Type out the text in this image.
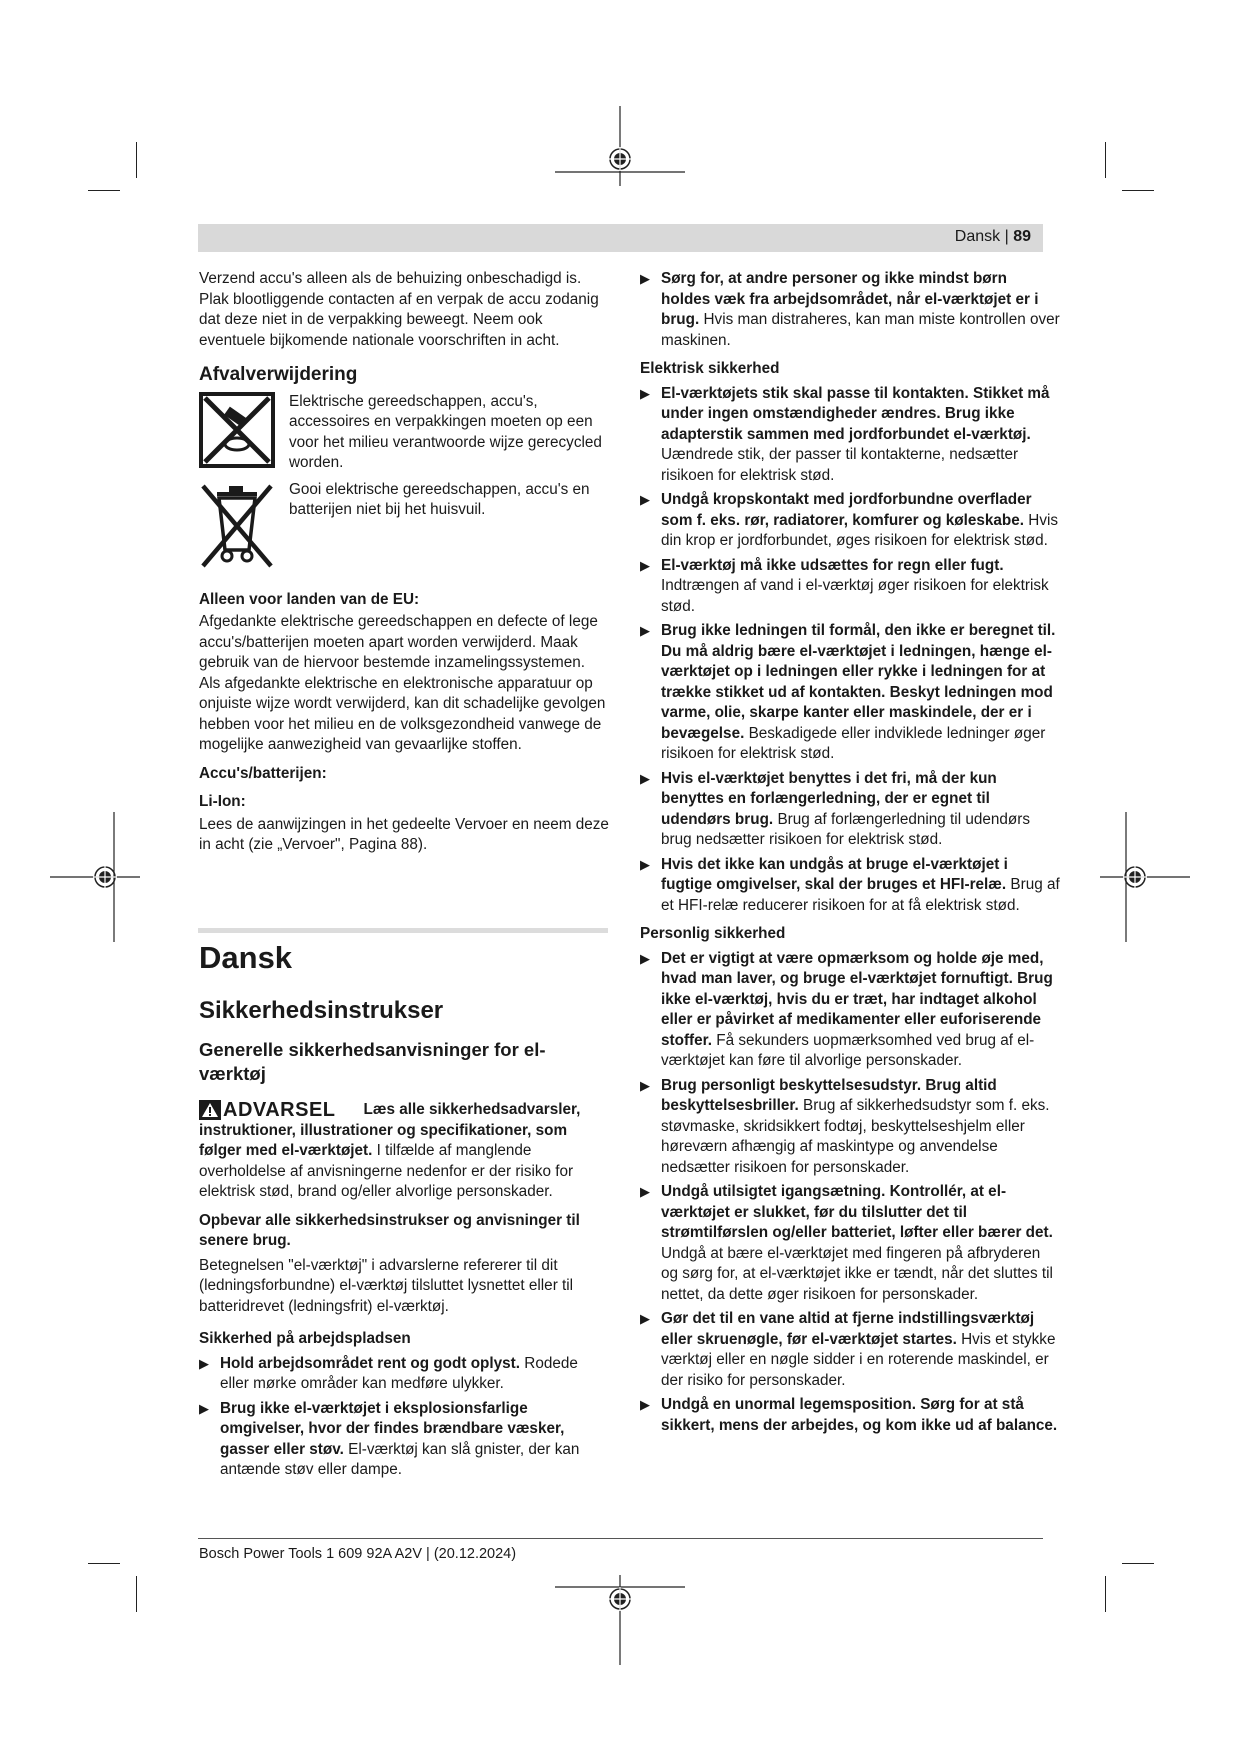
Dansk | 89

Verzend accu's alleen als de behuizing onbeschadigd is. Plak blootliggende contacten af en verpak de accu zodanig dat deze niet in de verpakking beweegt. Neem ook eventuele bijkomende nationale voorschriften in acht.

Afvalverwijdering
Elektrische gereedschappen, accu's, accessoires en verpakkingen moeten op een voor het milieu verantwoorde wijze gerecycled worden.
Gooi elektrische gereedschappen, accu's en batterijen niet bij het huisvuil.
Alleen voor landen van de EU:

Afgedankte elektrische gereedschappen en defecte of lege accu's/batterijen moeten apart worden verwijderd. Maak gebruik van de hiervoor bestemde inzamelingssystemen.

Als afgedankte elektrische en elektronische apparatuur op onjuiste wijze wordt verwijderd, kan dit schadelijke gevolgen hebben voor het milieu en de volksgezondheid vanwege de mogelijke aanwezigheid van gevaarlijke stoffen.

Accu's/batterijen:
Li-Ion:

Lees de aanwijzingen in het gedeelte Vervoer en neem deze in acht (zie „Vervoer", Pagina 88).

Dansk
Sikkerhedsinstrukser
Generelle sikkerhedsanvisninger for el-værktøj
ADVARSEL Læs alle sikkerhedsadvarsler, instruktioner, illustrationer og specifikationer, som følger med el-værktøjet. I tilfælde af manglende overholdelse af anvisningerne nedenfor er der risiko for elektrisk stød, brand og/eller alvorlige personskader.
Opbevar alle sikkerhedsinstrukser og anvisninger til senere brug.

Betegnelsen "el-værktøj" i advarslerne refererer til dit (ledningsforbundne) el-værktøj tilsluttet lysnettet eller til batteridrevet (ledningsfrit) el-værktøj.

Sikkerhed på arbejdspladsen
▶ Hold arbejdsområdet rent og godt oplyst. Rodede eller mørke områder kan medføre ulykker.
▶ Brug ikke el-værktøjet i eksplosionsfarlige omgivelser, hvor der findes brændbare væsker, gasser eller støv. El-værktøj kan slå gnister, der kan antænde støv eller dampe.
▶ Sørg for, at andre personer og ikke mindst børn holdes væk fra arbejdsområdet, når el-værktøjet er i brug. Hvis man distraheres, kan man miste kontrollen over maskinen.
Elektrisk sikkerhed
▶ El-værktøjets stik skal passe til kontakten. Stikket må under ingen omstændigheder ændres. Brug ikke adapterstik sammen med jordforbundet el-værktøj. Uændrede stik, der passer til kontakterne, nedsætter risikoen for elektrisk stød.
▶ Undgå kropskontakt med jordforbundne overflader som f. eks. rør, radiatorer, komfurer og køleskabe. Hvis din krop er jordforbundet, øges risikoen for elektrisk stød.
▶ El-værktøj må ikke udsættes for regn eller fugt. Indtrængen af vand i el-værktøj øger risikoen for elektrisk stød.
▶ Brug ikke ledningen til formål, den ikke er beregnet til. Du må aldrig bære el-værktøjet i ledningen, hænge el-værktøjet op i ledningen eller rykke i ledningen for at trække stikket ud af kontakten. Beskyt ledningen mod varme, olie, skarpe kanter eller maskindele, der er i bevægelse. Beskadigede eller indviklede ledninger øger risikoen for elektrisk stød.
▶ Hvis el-værktøjet benyttes i det fri, må der kun benyttes en forlængerledning, der er egnet til udendørs brug. Brug af forlængerledning til udendørs brug nedsætter risikoen for elektrisk stød.
▶ Hvis det ikke kan undgås at bruge el-værktøjet i fugtige omgivelser, skal der bruges et HFI-relæ. Brug af et HFI-relæ reducerer risikoen for at få elektrisk stød.
Personlig sikkerhed
▶ Det er vigtigt at være opmærksom og holde øje med, hvad man laver, og bruge el-værktøjet fornuftigt. Brug ikke el-værktøj, hvis du er træt, har indtaget alkohol eller er påvirket af medikamenter eller euforiserende stoffer. Få sekunders uopmærksomhed ved brug af el-værktøjet kan føre til alvorlige personskader.
▶ Brug personligt beskyttelsesudstyr. Brug altid beskyttelsesbriller. Brug af sikkerhedsudstyr som f. eks. støvmaske, skridsikkert fodtøj, beskyttelseshjelm eller høreværn afhængig af maskintype og anvendelse nedsætter risikoen for personskader.
▶ Undgå utilsigtet igangsætning. Kontrollér, at el-værktøjet er slukket, før du tilslutter det til strømtilførslen og/eller batteriet, løfter eller bærer det. Undgå at bære el-værktøjet med fingeren på afbryderen og sørg for, at el-værktøjet ikke er tændt, når det sluttes til nettet, da dette øger risikoen for personskader.
▶ Gør det til en vane altid at fjerne indstillingsværktøj eller skruenøgle, før el-værktøjet startes. Hvis et stykke værktøj eller en nøgle sidder i en roterende maskindel, er der risiko for personskader.
▶ Undgå en unormal legemsposition. Sørg for at stå sikkert, mens der arbejdes, og kom ikke ud af balance.
Bosch Power Tools 1 609 92A A2V | (20.12.2024)
